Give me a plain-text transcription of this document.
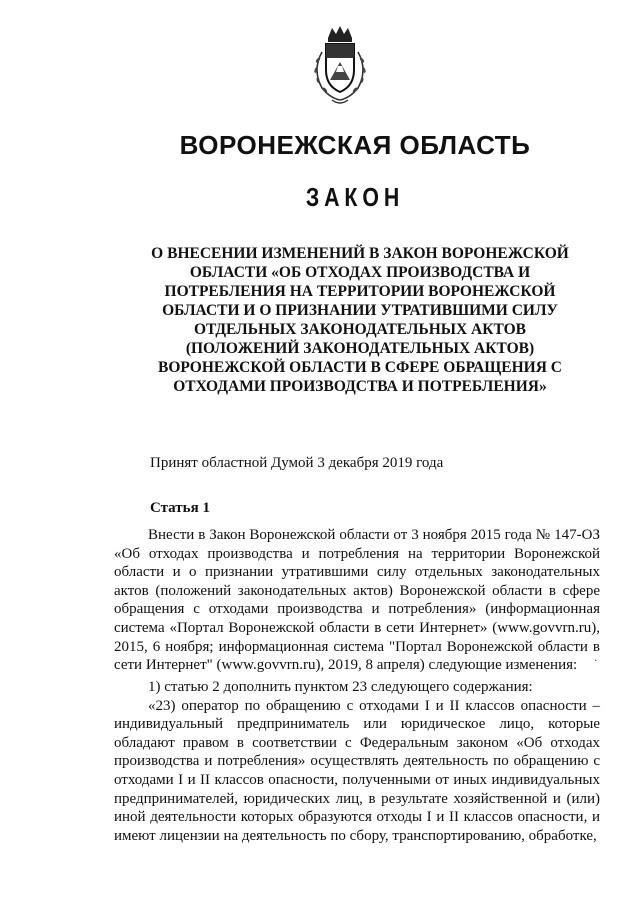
ВОРОНЕЖСКАЯ ОБЛАСТЬ
ЗАКОН
О ВНЕСЕНИИ ИЗМЕНЕНИЙ В ЗАКОН ВОРОНЕЖСКОЙ ОБЛАСТИ «ОБ ОТХОДАХ ПРОИЗВОДСТВА И ПОТРЕБЛЕНИЯ НА ТЕРРИТОРИИ ВОРОНЕЖСКОЙ ОБЛАСТИ И О ПРИЗНАНИИ УТРАТИВШИМИ СИЛУ ОТДЕЛЬНЫХ ЗАКОНОДАТЕЛЬНЫХ АКТОВ (ПОЛОЖЕНИЙ ЗАКОНОДАТЕЛЬНЫХ АКТОВ) ВОРОНЕЖСКОЙ ОБЛАСТИ В СФЕРЕ ОБРАЩЕНИЯ С ОТХОДАМИ ПРОИЗВОДСТВА И ПОТРЕБЛЕНИЯ»
Принят областной Думой 3 декабря 2019 года
Статья 1

Внести в Закон Воронежской области от 3 ноября 2015 года № 147-ОЗ «Об отходах производства и потребления на территории Воронежской области и о признании утратившими силу отдельных законодательных актов (положений законодательных актов) Воронежской области в сфере обращения с отходами производства и потребления» (информационная система «Портал Воронежской области в сети Интернет» (www.govvrn.ru), 2015, 6 ноября; информационная система "Портал Воронежской области в сети Интернет" (www.govvrn.ru), 2019, 8 апреля) следующие изменения:	·

1) статью 2 дополнить пунктом 23 следующего содержания:

«23) оператор по обращению с отходами I и II классов опасности – индивидуальный предприниматель или юридическое лицо, которые обладают правом в соответствии с Федеральным законом «Об отходах производства и потребления» осуществлять деятельность по обращению с отходами I и II классов опасности, полученными от иных индивидуальных предпринимателей, юридических лиц, в результате хозяйственной и (или) иной деятельности которых образуются отходы I и II классов опасности, и имеют лицензии на деятельность по сбору, транспортированию, обработке,
